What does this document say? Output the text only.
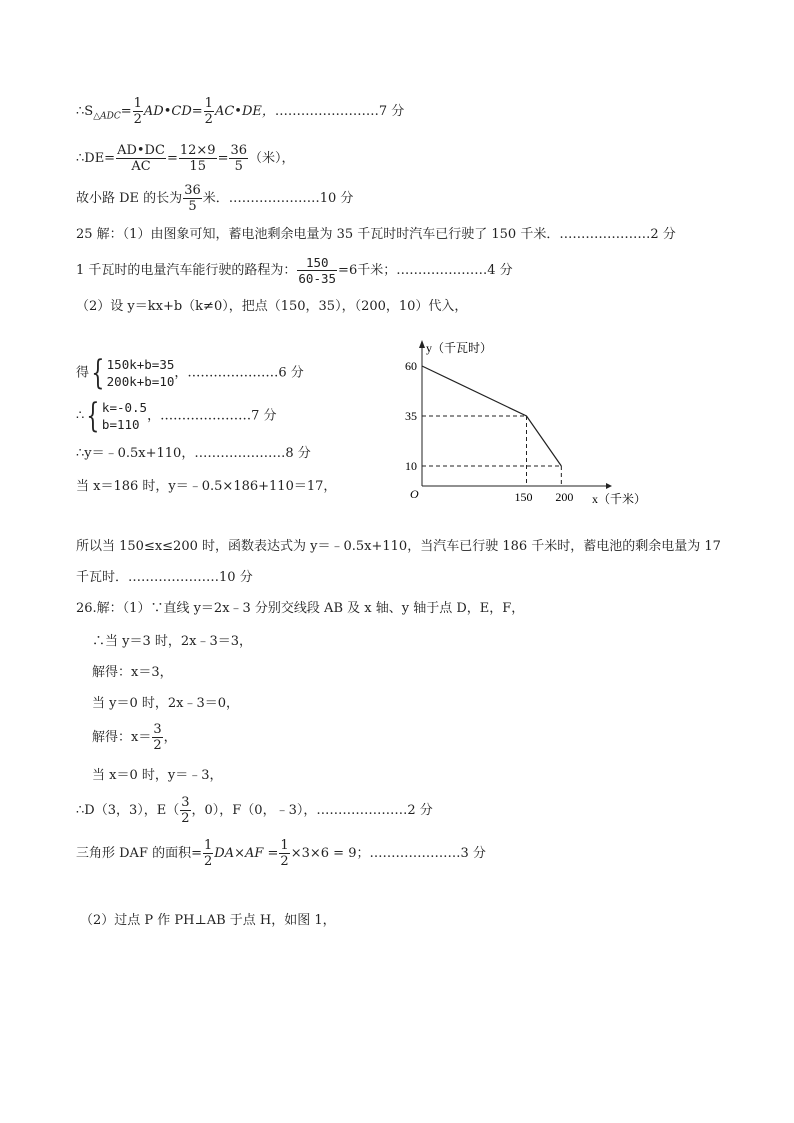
$\therefore S_{\triangle ADC}= \frac{1}{2}$ AD•CD= $\frac{1}{2}$ AC•DE，……………………7 分
∴DE= $\frac{AD•DC}{AC} = \frac{12\times 9}{15} = \frac{36}{5}$ （米），
故小路 DE 的长为 $\frac{36}{5}$ 米．…………………10 分
25 解：（1）由图象可知，蓄电池剩余电量为 35 千瓦时时汽车已行驶了 150 千米．…………………2 分
1 千瓦时的电量汽车能行驶的路程为： $\frac{150}{60-35} =6$千米；…………………4 分
（2）设 y＝kx+b（k≠0），把点（150，35），（200，10）代入，
得{ 150k+b=35
200k+b=10
，…………………6 分
∴{ k=-0.5
b=110
，…………………7 分
∴y＝﹣0.5x+110，…………………8 分
当 x＝186 时，y＝﹣0.5×186+110＝17，
60
35
10
150 200
O
y（千瓦时）
x（千米）
所以当 150≤x≤200 时，函数表达式为 y＝﹣0.5x+110，当汽车已行驶 186 千米时，蓄电池的剩余电量为 17
千瓦时．…………………10 分
26.解：（1）∵直线 y＝2x﹣3 分别交线段 AB 及 x 轴、y 轴于点 D，E，F，
∴当 y＝3 时，2x﹣3＝3，
解得：x＝3，
当 y＝0 时，2x﹣3＝0，
解得：$x= \frac{3}{2}$ ，
当 x＝0 时，y＝﹣3，
∴D（3，3），$E( \frac{3}{2}$ ，0），F（0，﹣3），…………………2 分
三角形 DAF 的面积= $\frac{1}{2} DA\times AF = \frac{1}{2} \times 3\times 6 = 9$；…………………3 分
（2）过点 P 作 PH⊥AB 于点 H，如图 1，
